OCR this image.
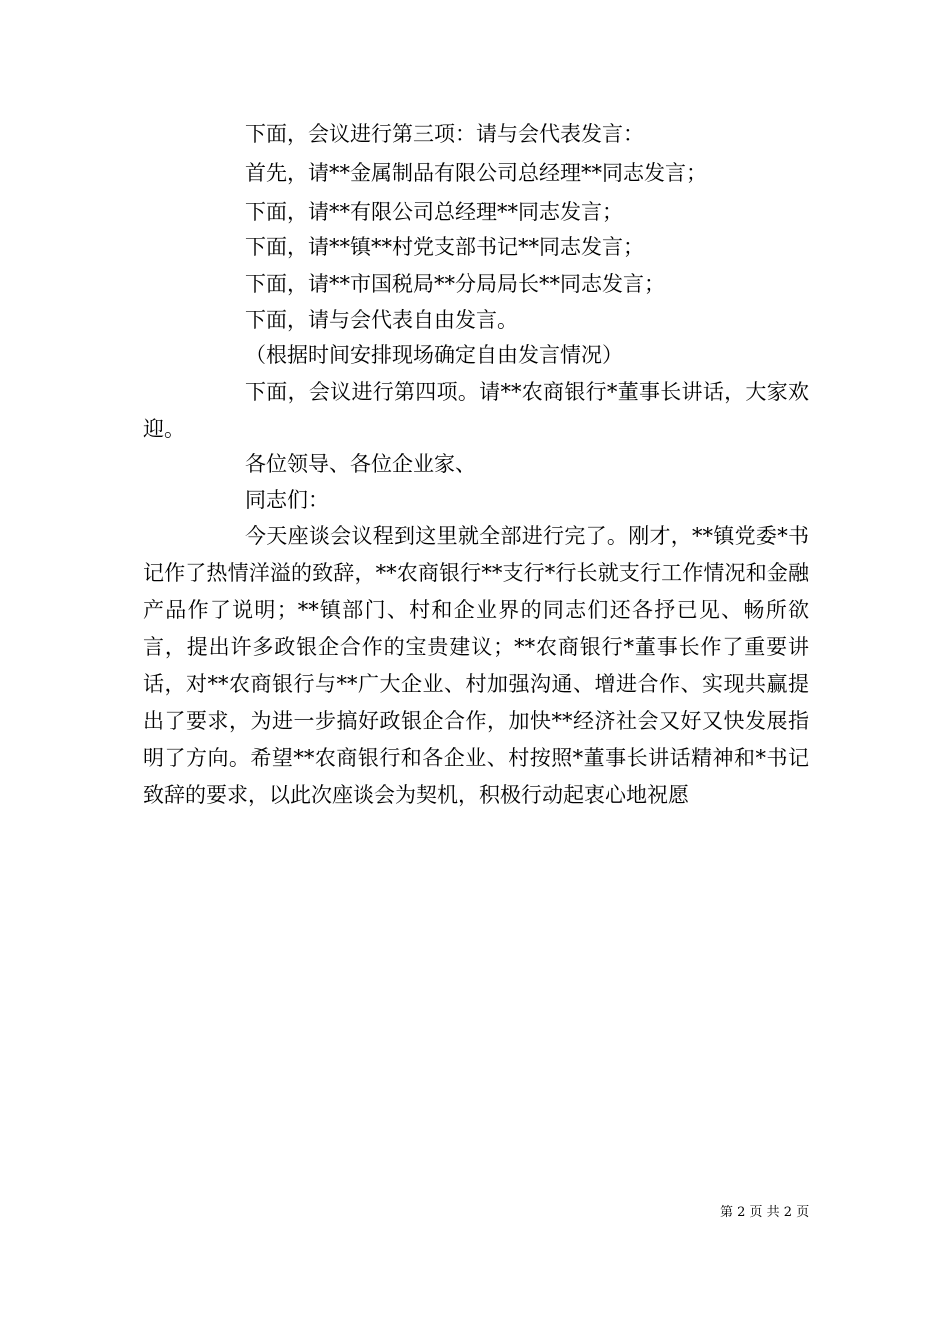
下面，会议进行第三项：请与会代表发言：
首先，请**金属制品有限公司总经理**同志发言；
下面，请**有限公司总经理**同志发言；
下面，请**镇**村党支部书记**同志发言；
下面，请**市国税局**分局局长**同志发言；
下面，请与会代表自由发言。
（根据时间安排现场确定自由发言情况）

下面，会议进行第四项。请**农商银行*董事长讲话，大家欢迎。

各位领导、各位企业家、
同志们：

今天座谈会议程到这里就全部进行完了。刚才，**镇党委*书记作了热情洋溢的致辞，**农商银行**支行*行长就支行工作情况和金融产品作了说明；**镇部门、村和企业界的同志们还各抒已见、畅所欲言，提出许多政银企合作的宝贵建议；**农商银行*董事长作了重要讲话，对**农商银行与**广大企业、村加强沟通、增进合作、实现共赢提出了要求，为进一步搞好政银企合作，加快**经济社会又好又快发展指明了方向。希望**农商银行和各企业、村按照*董事长讲话精神和*书记致辞的要求，以此次座谈会为契机，积极行动起衷心地祝愿

第 2 页 共 2 页
